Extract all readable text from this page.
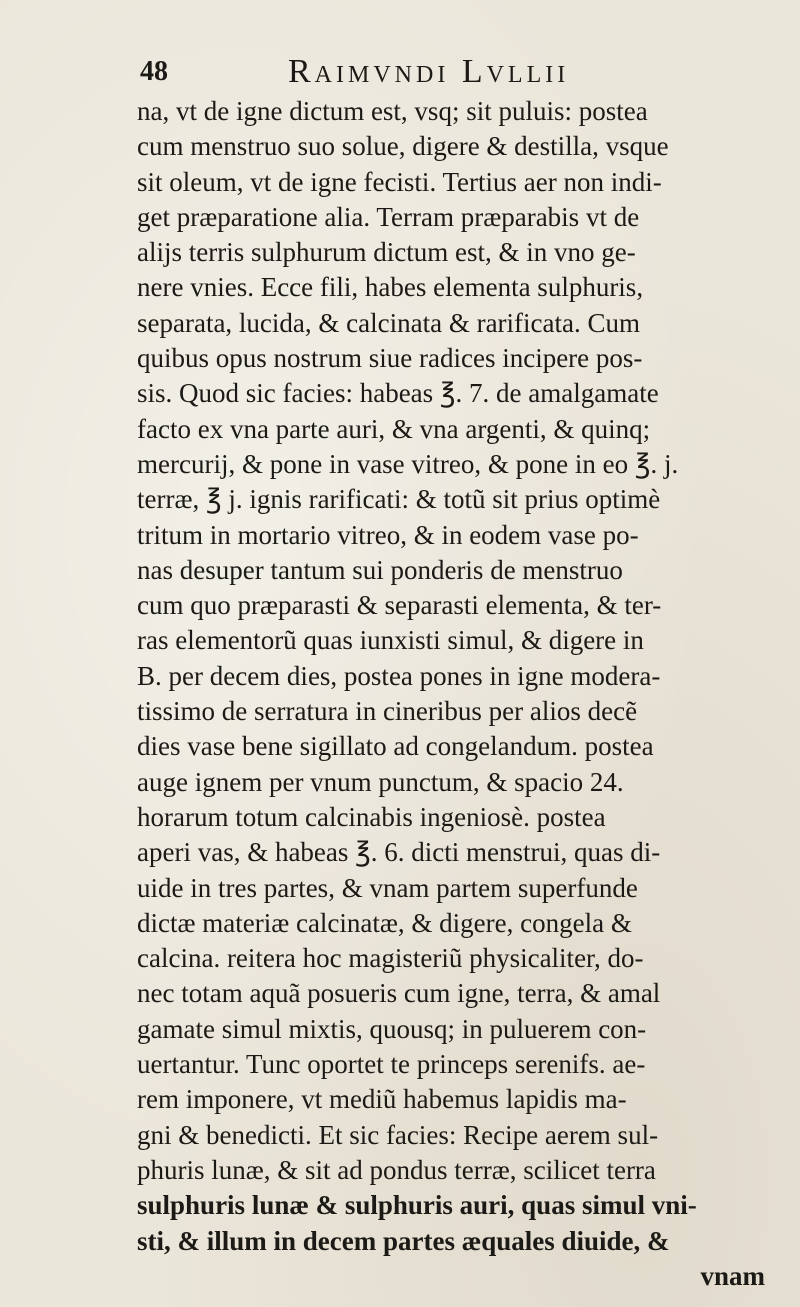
48	Raimvndi Lvllii
na, vt de igne dictum est, vsq; sit puluis: postea
cum menstruo suo solue, digere & destilla, vsque
sit oleum, vt de igne fecisti. Tertius aer non indi-
get præparatione alia. Terram præparabis vt de
alijs terris sulphurum dictum est, & in vno ge-
nere vnies. Ecce fili, habes elementa sulphuris,
separata, lucida, & calcinata & rarificata. Cum
quibus opus nostrum siue radices incipere pos-
sis. Quod sic facies: habeas ℥. 7. de amalgamate
facto ex vna parte auri, & vna argenti, & quinq;
mercurij, & pone in vase vitreo, & pone in eo ℥. j.
terræ, ℥ j. ignis rarificati: & totũ sit prius optimè
tritum in mortario vitreo, & in eodem vase po-
nas desuper tantum sui ponderis de menstruo
cum quo præparasti & separasti elementa, & ter-
ras elementorũ quas iunxisti simul, & digere in
B. per decem dies, postea pones in igne modera-
tissimo de serratura in cineribus per alios decẽ
dies vase bene sigillato ad congelandum. postea
auge ignem per vnum punctum, & spacio 24.
horarum totum calcinabis ingeniosè. postea
aperi vas, & habeas ℥. 6. dicti menstrui, quas di-
uide in tres partes, & vnam partem superfunde
dictæ materiæ calcinatæ, & digere, congela &
calcina. reitera hoc magisteriũ physicaliter, do-
nec totam aquã posueris cum igne, terra, & amal
gamate simul mixtis, quousq; in puluerem con-
uertantur. Tunc oportet te princeps serenifs. ae-
rem imponere, vt mediũ habemus lapidis ma-
gni & benedicti. Et sic facies: Recipe aerem sul-
phuris lunæ, & sit ad pondus terræ, scilicet terra
sulphuris lunæ & sulphuris auri, quas simul vni-
sti, & illum in decem partes æquales diuide, &
vnam
